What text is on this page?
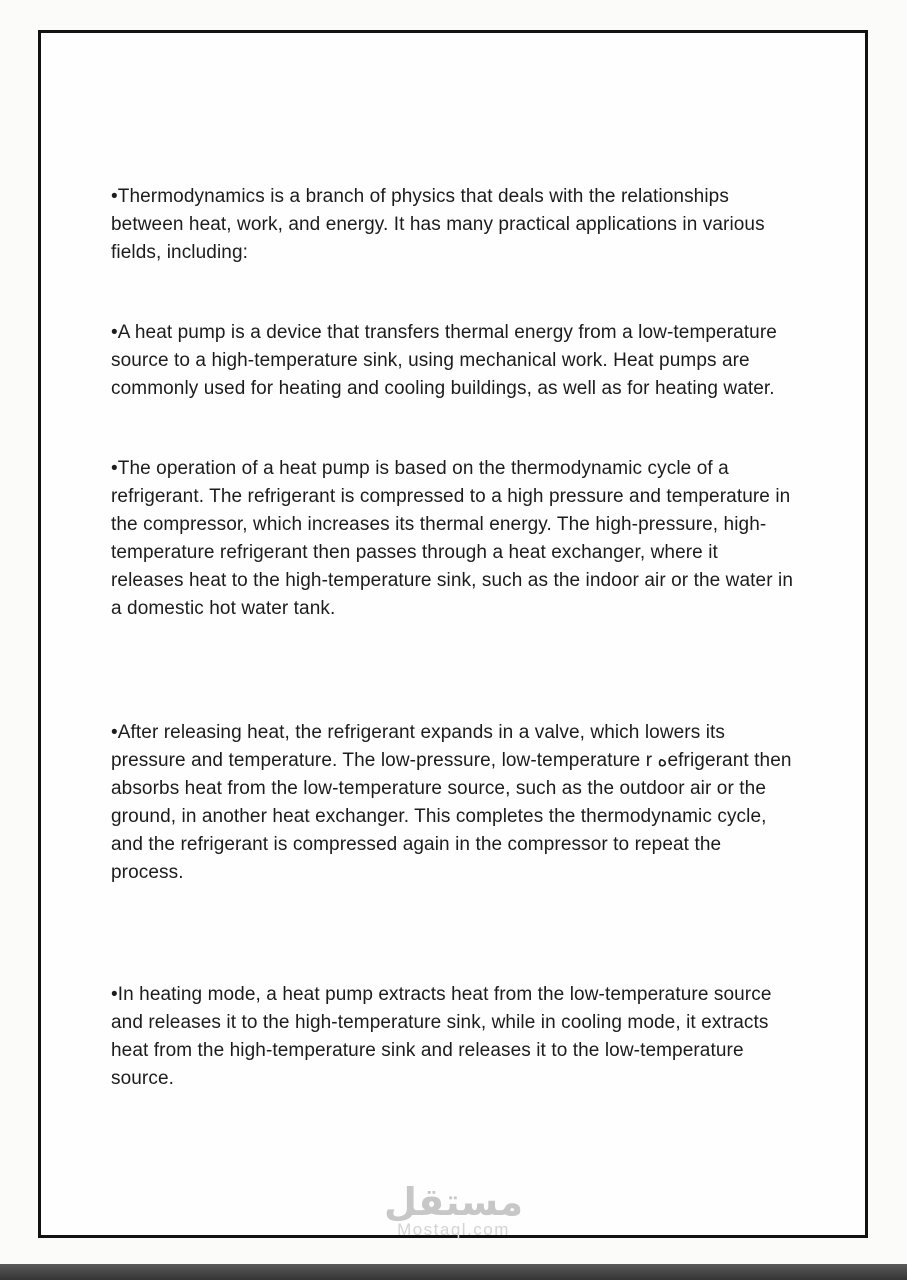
•Thermodynamics is a branch of physics that deals with the relationships between heat, work, and energy. It has many practical applications in various fields, including:

•A heat pump is a device that transfers thermal energy from a low-temperature source to a high-temperature sink, using mechanical work. Heat pumps are commonly used for heating and cooling buildings, as well as for heating water.

•The operation of a heat pump is based on the thermodynamic cycle of a refrigerant. The refrigerant is compressed to a high pressure and temperature in the compressor, which increases its thermal energy. The high-pressure, high-temperature refrigerant then passes through a heat exchanger, where it releases heat to the high-temperature sink, such as the indoor air or the water in a domestic hot water tank.

•After releasing heat, the refrigerant expands in a valve, which lowers its pressure and temperature. The low-pressure, low-temperature r ﻩefrigerant then absorbs heat from the low-temperature source, such as the outdoor air or the ground, in another heat exchanger. This completes the thermodynamic cycle, and the refrigerant is compressed again in the compressor to repeat the process.

•In heating mode, a heat pump extracts heat from the low-temperature source and releases it to the high-temperature sink, while in cooling mode, it extracts heat from the high-temperature sink and releases it to the low-temperature source.

مستقل
Mostaql.com
